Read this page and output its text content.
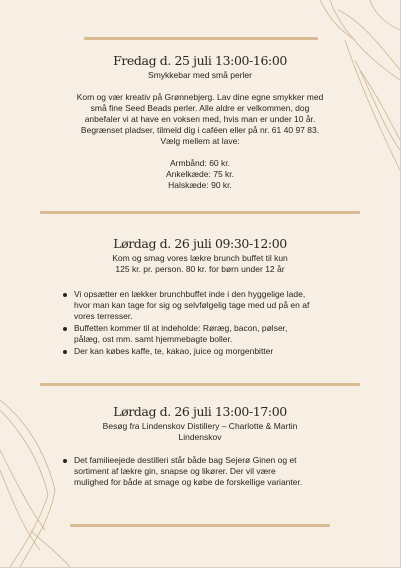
Fredag d. 25 juli 13:00-16:00
Smykkebar med små perler
Kom og vær kreativ på Grønnebjerg. Lav dine egne smykker med
små fine Seed Beads perler. Alle aldre er velkommen, dog
anbefaler vi at have en voksen med, hvis man er under 10 år.
Begrænset pladser, tilmeld dig i caféen eller på nr. 61 40 97 83.
Vælg mellem at lave:
Armbånd: 60 kr.
Ankelkæde: 75 kr.
Halskæde: 90 kr.
Lørdag d. 26 juli 09:30-12:00
Kom og smag vores lækre brunch buffet til kun
125 kr. pr. person. 80 kr. for børn under 12 år
Vi opsætter en lækker brunchbuffet inde i den hyggelige lade,
hvor man kan tage for sig og selvfølgelig tage med ud på en af
vores terresser.
Buffetten kommer til at indeholde: Røræg, bacon, pølser,
pålæg, ost mm. samt hjemmebagte boller.
Der kan købes kaffe, te, kakao, juice og morgenbitter
Lørdag d. 26 juli 13:00-17:00
Besøg fra Lindenskov Distillery – Charlotte & Martin
Lindenskov
Det familieejede destilleri står både bag Sejerø Ginen og et
sortiment af lækre gin, snapse og likører. Der vil være
mulighed for både at smage og købe de forskellige varianter.
